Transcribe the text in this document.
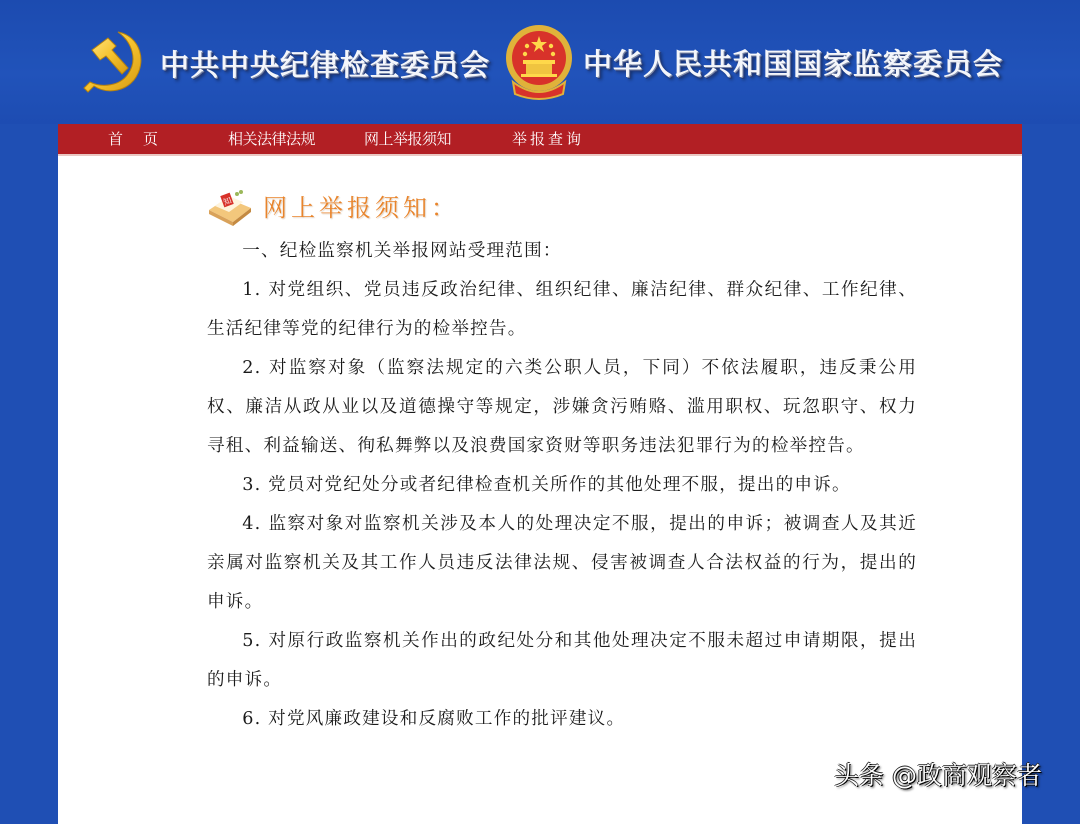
中共中央纪律检查委员会	中华人民共和国国家监察委员会
首页	相关法律法规	网上举报须知	举报查询
知 网上举报须知：

一、纪检监察机关举报网站受理范围：

1. 对党组织、党员违反政治纪律、组织纪律、廉洁纪律、群众纪律、工作纪律、生活纪律等党的纪律行为的检举控告。

2. 对监察对象（监察法规定的六类公职人员，下同）不依法履职，违反秉公用权、廉洁从政从业以及道德操守等规定，涉嫌贪污贿赂、滥用职权、玩忽职守、权力寻租、利益输送、徇私舞弊以及浪费国家资财等职务违法犯罪行为的检举控告。

3. 党员对党纪处分或者纪律检查机关所作的其他处理不服，提出的申诉。

4. 监察对象对监察机关涉及本人的处理决定不服，提出的申诉；被调查人及其近亲属对监察机关及其工作人员违反法律法规、侵害被调查人合法权益的行为，提出的申诉。

5. 对原行政监察机关作出的政纪处分和其他处理决定不服未超过申请期限，提出的申诉。

6. 对党风廉政建设和反腐败工作的批评建议。

头条 @政商观察者
